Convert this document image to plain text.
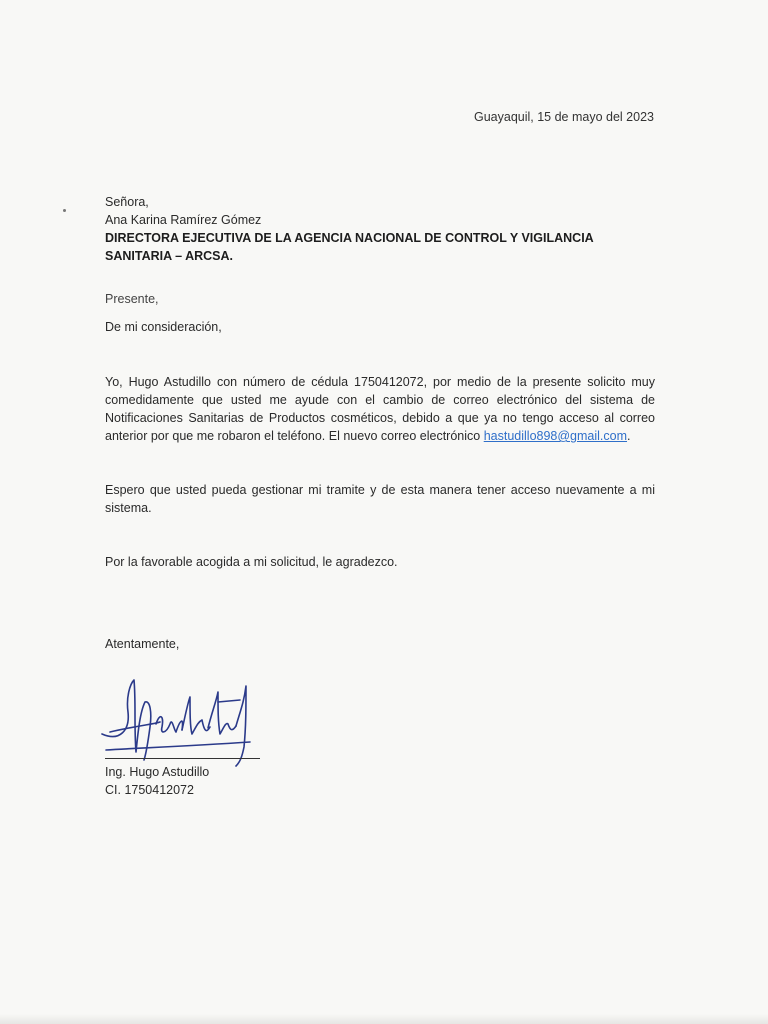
Guayaquil, 15 de mayo del 2023
Señora,
Ana Karina Ramírez Gómez
DIRECTORA EJECUTIVA DE LA AGENCIA NACIONAL DE CONTROL Y VIGILANCIA SANITARIA – ARCSA.
Presente,
De mi consideración,
Yo, Hugo Astudillo con número de cédula 1750412072, por medio de la presente solicito muy comedidamente que usted me ayude con el cambio de correo electrónico del sistema de Notificaciones Sanitarias de Productos cosméticos, debido a que ya no tengo acceso al correo anterior por que me robaron el teléfono. El nuevo correo electrónico hastudillo898@gmail.com.
Espero que usted pueda gestionar mi tramite y de esta manera tener acceso nuevamente a mi sistema.
Por la favorable acogida a mi solicitud, le agradezco.
Atentamente,
Ing. Hugo Astudillo
CI. 1750412072
